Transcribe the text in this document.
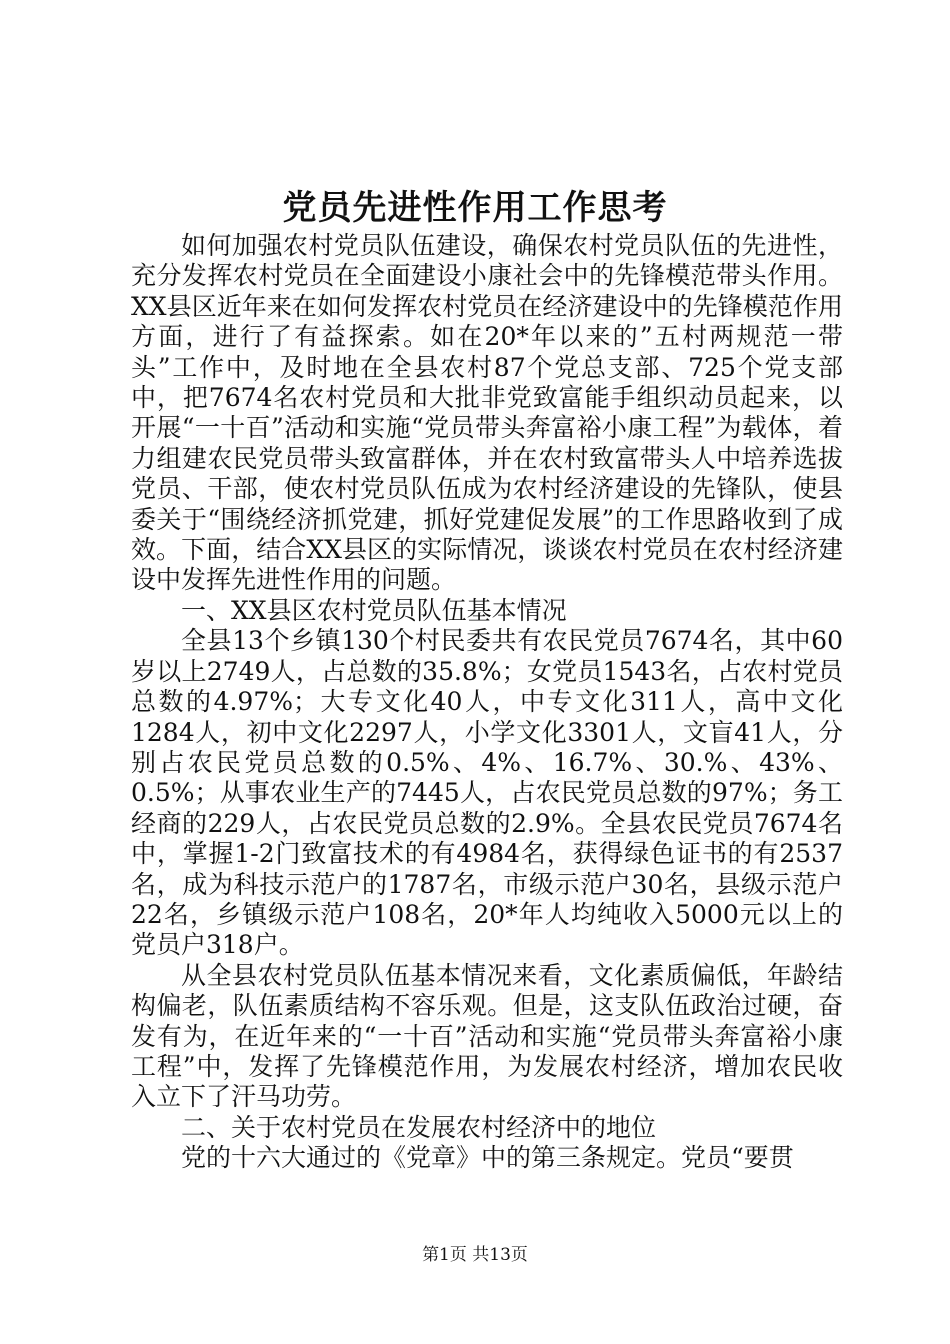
党员先进性作用工作思考

如何加强农村党员队伍建设，确保农村党员队伍的先进性，充分发挥农村党员在全面建设小康社会中的先锋模范带头作用。XX县区近年来在如何发挥农村党员在经济建设中的先锋模范作用方面，进行了有益探索。如在20*年以来的”五村两规范一带头”工作中，及时地在全县农村87个党总支部、725个党支部中，把7674名农村党员和大批非党致富能手组织动员起来，以开展“一十百”活动和实施“党员带头奔富裕小康工程”为载体，着力组建农民党员带头致富群体，并在农村致富带头人中培养选拔党员、干部，使农村党员队伍成为农村经济建设的先锋队，使县委关于“围绕经济抓党建，抓好党建促发展”的工作思路收到了成效。下面，结合XX县区的实际情况，谈谈农村党员在农村经济建设中发挥先进性作用的问题。

一、XX县区农村党员队伍基本情况

全县13个乡镇130个村民委共有农民党员7674名，其中60岁以上2749人，占总数的35.8%；女党员1543名，占农村党员总数的4.97%；大专文化40人，中专文化311人，高中文化1284人，初中文化2297人，小学文化3301人，文盲41人，分别占农民党员总数的0.5%、4%、16.7%、30.%、43%、0.5%；从事农业生产的7445人，占农民党员总数的97%；务工经商的229人，占农民党员总数的2.9%。全县农民党员7674名中，掌握1-2门致富技术的有4984名，获得绿色证书的有2537名，成为科技示范户的1787名，市级示范户30名，县级示范户22名，乡镇级示范户108名，20*年人均纯收入5000元以上的党员户318户。

从全县农村党员队伍基本情况来看，文化素质偏低，年龄结构偏老，队伍素质结构不容乐观。但是，这支队伍政治过硬，奋发有为，在近年来的“一十百”活动和实施“党员带头奔富裕小康工程”中，发挥了先锋模范作用，为发展农村经济，增加农民收入立下了汗马功劳。

二、关于农村党员在发展农村经济中的地位

党的十六大通过的《党章》中的第三条规定。党员“要贯

第1页 共13页
